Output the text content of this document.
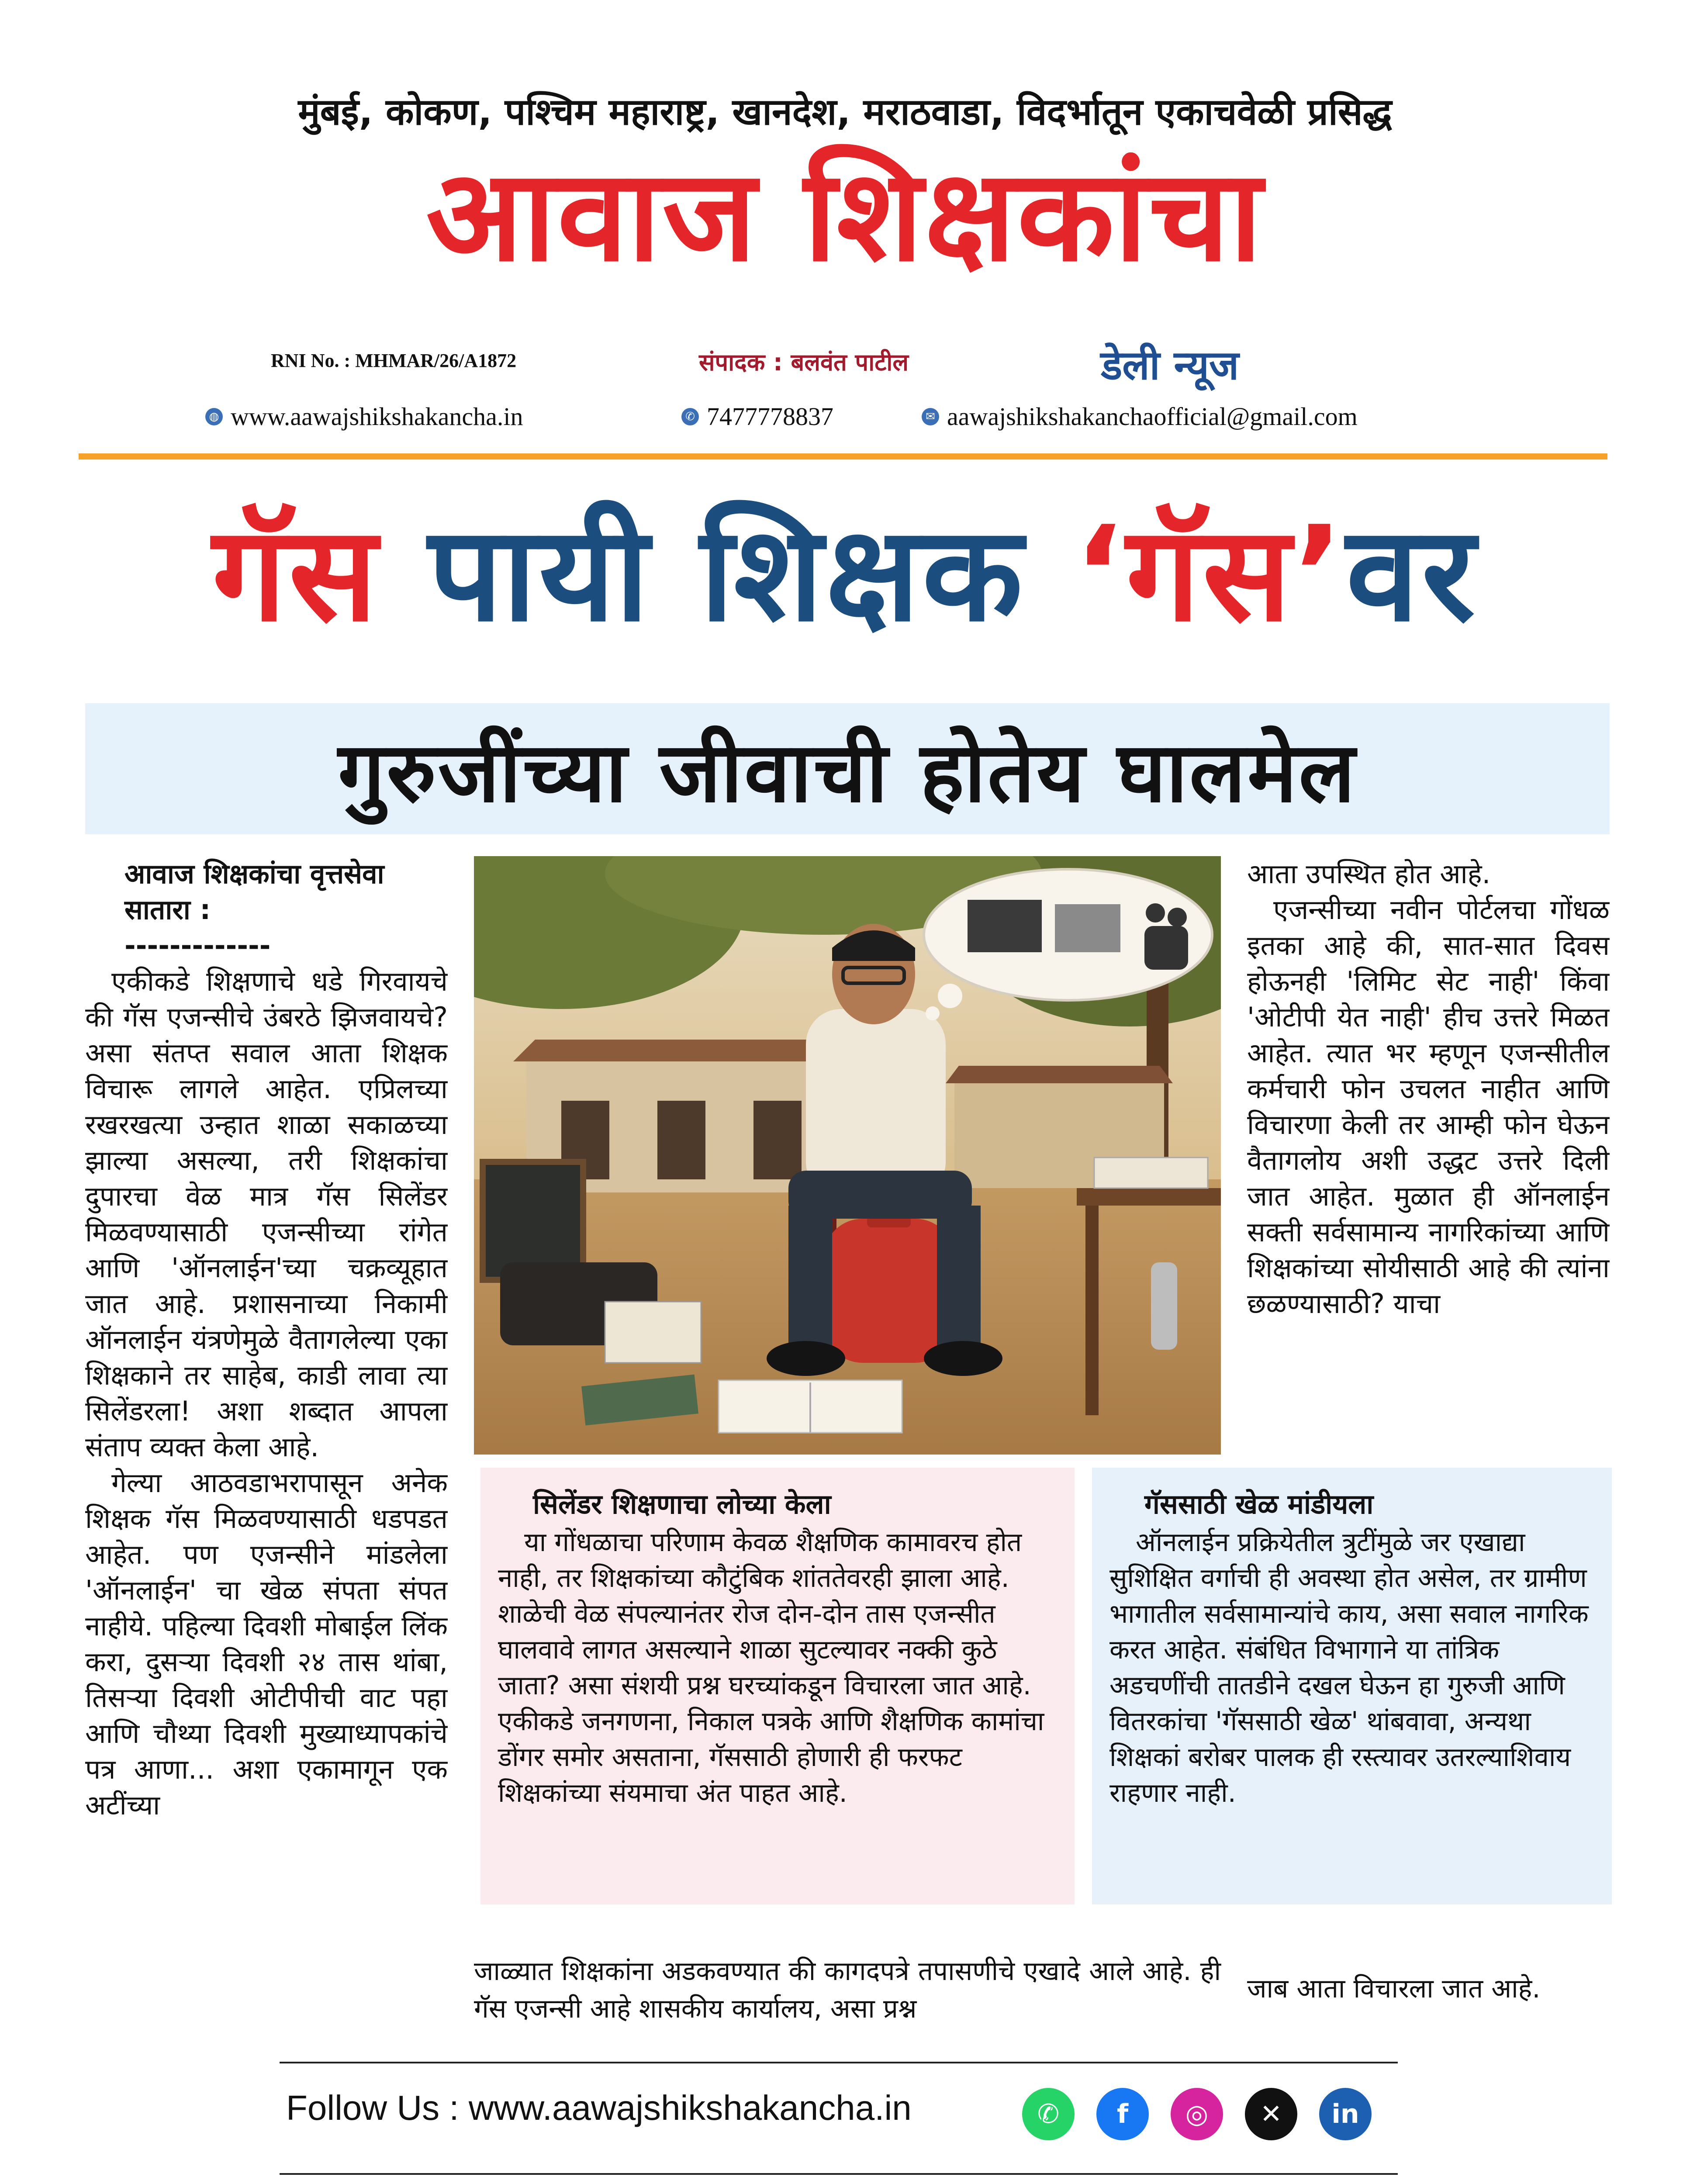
मुंबई, कोकण, पश्चिम महाराष्ट्र, खानदेश, मराठवाडा, विदर्भातून एकाचवेळी प्रसिद्ध
आवाज शिक्षकांचा
RNI No. : MHMAR/26/A1872	संपादक : बलवंत पाटील	डेली न्यूज
◍ www.aawajshikshakancha.in	✆ 7477778837	✉ aawajshikshakanchaofficial@gmail.com
गॅस पायी शिक्षक ‘गॅस’वर
गुरुजींच्या जीवाची होतेय घालमेल

आवाज शिक्षकांचा वृत्तसेवा

सातारा :

-------------

एकीकडे शिक्षणाचे धडे गिरवायचे की गॅस एजन्सीचे उंबरठे झिजवायचे? असा संतप्त सवाल आता शिक्षक विचारू लागले आहेत. एप्रिलच्या रखरखत्या उन्हात शाळा सकाळच्या झाल्या असल्या, तरी शिक्षकांचा दुपारचा वेळ मात्र गॅस सिलेंडर मिळवण्यासाठी एजन्सीच्या रांगेत आणि 'ऑनलाईन'च्या चक्रव्यूहात जात आहे. प्रशासनाच्या निकामी ऑनलाईन यंत्रणेमुळे वैतागलेल्या एका शिक्षकाने तर साहेब, काडी लावा त्या सिलेंडरला! अशा शब्दात आपला संताप व्यक्त केला आहे.

गेल्या आठवडाभरापासून अनेक शिक्षक गॅस मिळवण्यासाठी धडपडत आहेत. पण एजन्सीने मांडलेला 'ऑनलाईन' चा खेळ संपता संपत नाहीये. पहिल्या दिवशी मोबाईल लिंक करा, दुसऱ्या दिवशी २४ तास थांबा, तिसऱ्या दिवशी ओटीपीची वाट पहा आणि चौथ्या दिवशी मुख्याध्यापकांचे पत्र आणा... अशा एकामागून एक अटींच्या

आता उपस्थित होत आहे.

एजन्सीच्या नवीन पोर्टलचा गोंधळ इतका आहे की, सात-सात दिवस होऊनही 'लिमिट सेट नाही' किंवा 'ओटीपी येत नाही' हीच उत्तरे मिळत आहेत. त्यात भर म्हणून एजन्सीतील कर्मचारी फोन उचलत नाहीत आणि विचारणा केली तर आम्ही फोन घेऊन वैतागलोय अशी उद्धट उत्तरे दिली जात आहेत. मुळात ही ऑनलाईन सक्ती सर्वसामान्य नागरिकांच्या आणि शिक्षकांच्या सोयीसाठी आहे की त्यांना छळण्यासाठी? याचा

सिलेंडर शिक्षणाचा लोच्या केला

या गोंधळाचा परिणाम केवळ शैक्षणिक कामावरच होत नाही, तर शिक्षकांच्या कौटुंबिक शांततेवरही झाला आहे. शाळेची वेळ संपल्यानंतर रोज दोन-दोन तास एजन्सीत घालवावे लागत असल्याने शाळा सुटल्यावर नक्की कुठे जाता? असा संशयी प्रश्न घरच्यांकडून विचारला जात आहे. एकीकडे जनगणना, निकाल पत्रके आणि शैक्षणिक कामांचा डोंगर समोर असताना, गॅससाठी होणारी ही फरफट शिक्षकांच्या संयमाचा अंत पाहत आहे.

गॅससाठी खेळ मांडीयला

ऑनलाईन प्रक्रियेतील त्रुटींमुळे जर एखाद्या सुशिक्षित वर्गाची ही अवस्था होत असेल, तर ग्रामीण भागातील सर्वसामान्यांचे काय, असा सवाल नागरिक करत आहेत. संबंधित विभागाने या तांत्रिक अडचणींची तातडीने दखल घेऊन हा गुरुजी आणि वितरकांचा 'गॅससाठी खेळ' थांबवावा, अन्यथा शिक्षकां बरोबर पालक ही रस्त्यावर उतरल्याशिवाय राहणार नाही.

जाळ्यात शिक्षकांना अडकवण्यात की कागदपत्रे तपासणीचे एखादे आले आहे. ही गॅस एजन्सी आहे शासकीय कार्यालय, असा प्रश्न
जाब आता विचारला जात आहे.
Follow Us : www.aawajshikshakancha.in	✆	f	◎	✕	in
